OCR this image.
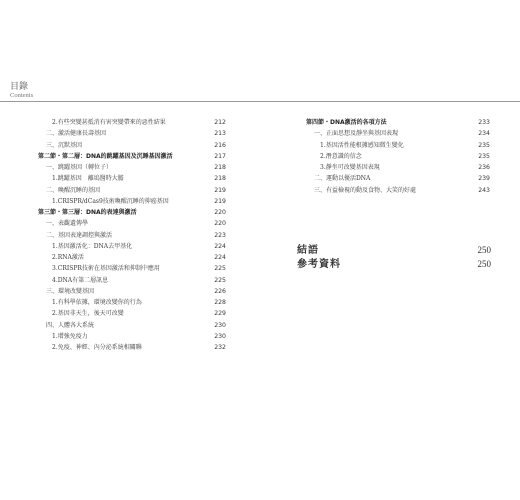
目錄
Contents
2.有些突變甚抵消有害突變帶來的惡性結果	212
二、激活健康長壽基因	213
三、沉默基因	216
第二節・第二層：DNA的跳躍基因及沉睡基因激活	217
一、跳躍基因（轉位子）	218
1.跳躍基因　離塢醫時大膽	218
二、喚醒沉睡的基因	219
1.CRISPR/dCas9技術喚醒沉睡的抑癌基因	219
第三節・第三層：DNA的表達與激活	220
一、表觀遺傳學	220
二、基因表達調控與激活	223
1.基因激活化：DNA去甲基化	224
2.RNA激活	224
3.CRISPR技術在基因激活和抑制中應用	225
4.DNA有第二層訊息	225
三、環境改變基因	226
1.有科學依據，環境改變你的行為	228
2.基因非天生，後天可改變	229
四、人體各大系統	230
1.增強免疫力	230
2.免疫、神經、內分泌系統相關聯	232
第四節・DNA激活的各項方法	233
一、正面思想及靜坐與基因表現	234
1.基因活性能根據感知微生變化	235
2.潛意識的信念	235
3.靜坐可改變基因表現	236
二、運動以優活DNA	239
三、有益檢視的動及食物、大笑的好處	243
結語	250
參考資料	250
